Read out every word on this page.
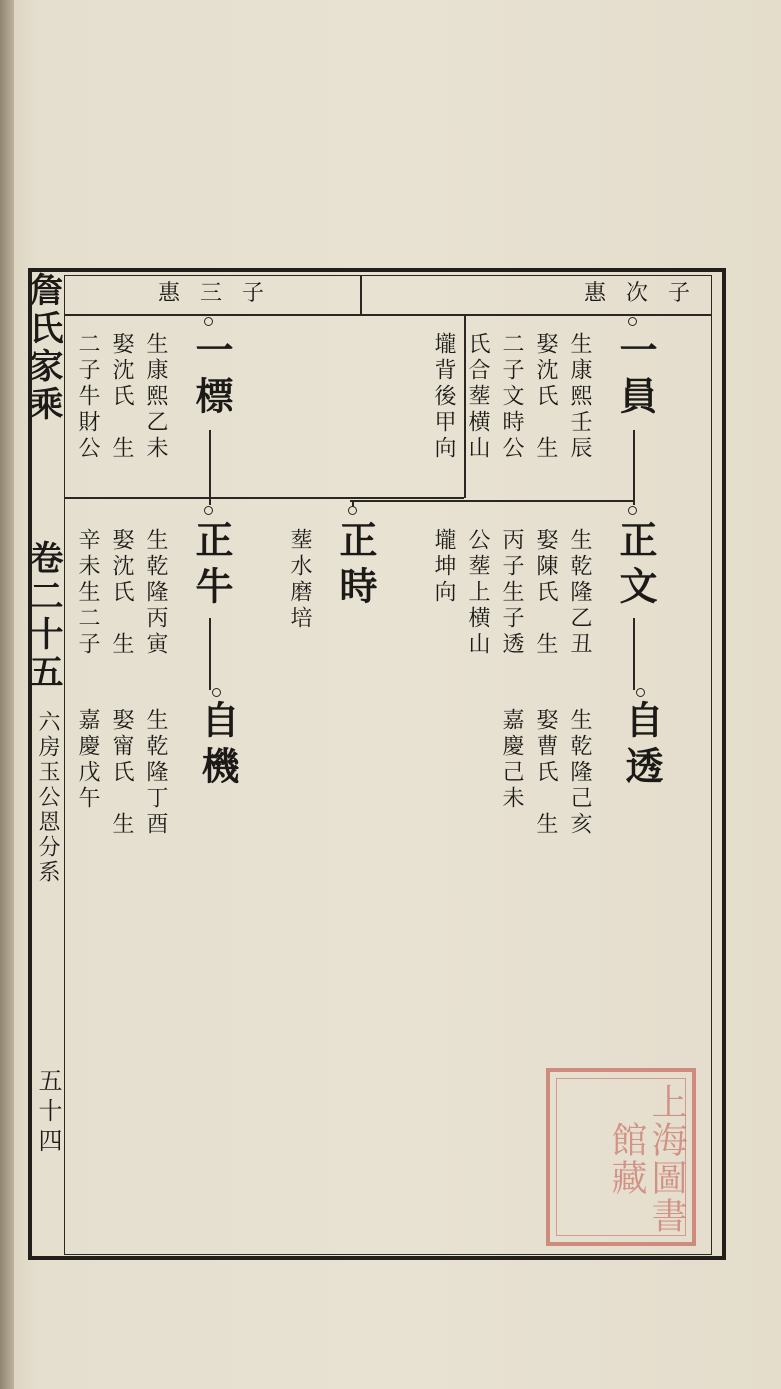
詹氏家乘
卷二十五
六房玉公恩分系
五十四
惠次子
惠三子
一員
生康熙壬辰
娶沈氏　生
二子文時公
氏合塟横山
壠背後甲向
一標
生康熙乙未
娶沈氏　生
二子牛財公
正文
生乾隆乙丑
娶陳氏　生
丙子生子透
公塟上横山
壠坤向
正時
塟水磨培
正牛
生乾隆丙寅
娶沈氏　生
辛未生二子
自透
生乾隆己亥
娶曹氏　生
嘉慶己未
自機
生乾隆丁酉
娶甯氏　生
嘉慶戊午
上海圖書館藏
